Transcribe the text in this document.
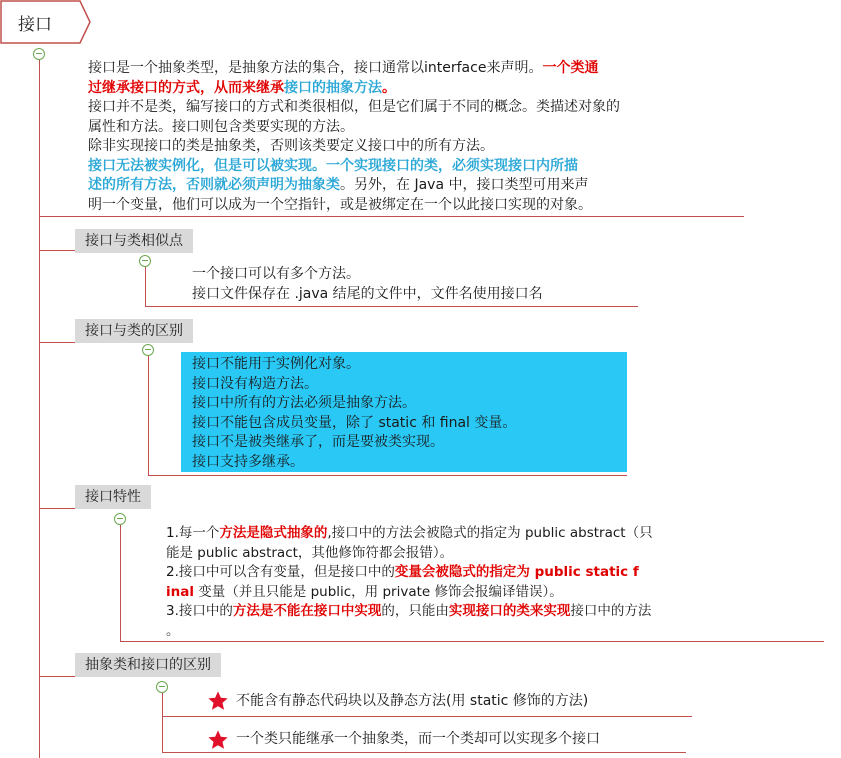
接口
接口是一个抽象类型，是抽象方法的集合，接口通常以interface来声明。一个类通
过继承接口的方式，从而来继承接口的抽象方法。
接口并不是类，编写接口的方式和类很相似，但是它们属于不同的概念。类描述对象的
属性和方法。接口则包含类要实现的方法。
除非实现接口的类是抽象类，否则该类要定义接口中的所有方法。
接口无法被实例化，但是可以被实现。一个实现接口的类，必须实现接口内所描
述的所有方法，否则就必须声明为抽象类。另外，在 Java 中，接口类型可用来声
明一个变量，他们可以成为一个空指针，或是被绑定在一个以此接口实现的对象。
接口与类相似点
一个接口可以有多个方法。
接口文件保存在 .java 结尾的文件中，文件名使用接口名
接口与类的区别
接口不能用于实例化对象。
接口没有构造方法。
接口中所有的方法必须是抽象方法。
接口不能包含成员变量，除了 static 和 final 变量。
接口不是被类继承了，而是要被类实现。
接口支持多继承。
接口特性
1.每一个方法是隐式抽象的,接口中的方法会被隐式的指定为 public abstract（只
能是 public abstract，其他修饰符都会报错）。
2.接口中可以含有变量，但是接口中的变量会被隐式的指定为 public static f
inal 变量（并且只能是 public，用 private 修饰会报编译错误）。
3.接口中的方法是不能在接口中实现的，只能由实现接口的类来实现接口中的方法
。
抽象类和接口的区别
不能含有静态代码块以及静态方法(用 static 修饰的方法)
一个类只能继承一个抽象类，而一个类却可以实现多个接口
